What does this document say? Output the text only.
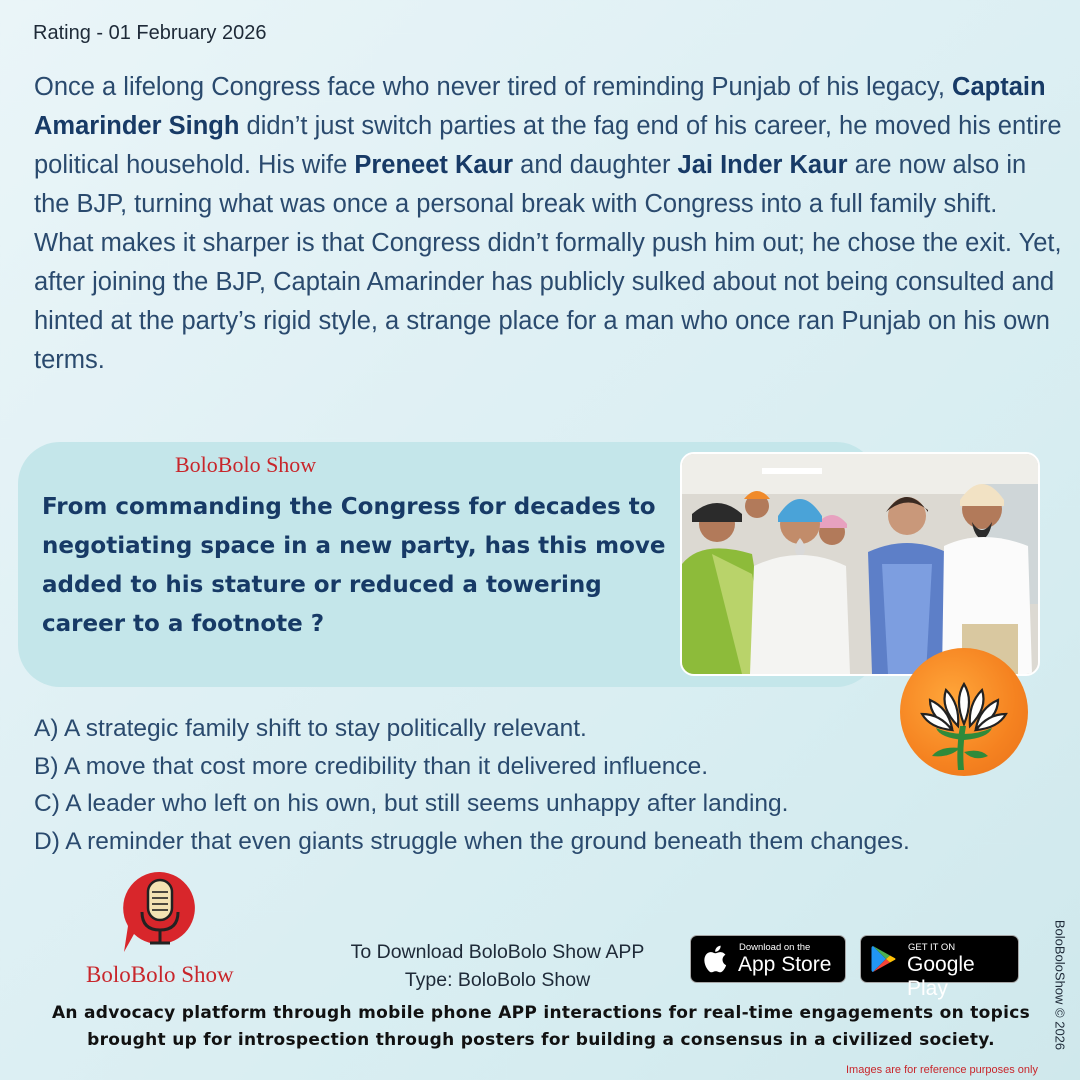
Rating - 01 February 2026

Once a lifelong Congress face who never tired of reminding Punjab of his legacy, Captain Amarinder Singh didn’t just switch parties at the fag end of his career, he moved his entire political household. His wife Preneet Kaur and daughter Jai Inder Kaur are now also in the BJP, turning what was once a personal break with Congress into a full family shift.

What makes it sharper is that Congress didn’t formally push him out; he chose the exit. Yet, after joining the BJP, Captain Amarinder has publicly sulked about not being consulted and hinted at the party’s rigid style, a strange place for a man who once ran Punjab on his own terms.

BoloBolo Show
From commanding the Congress for decades to negotiating space in a new party, has this move added to his stature or reduced a towering career to a footnote ?
A) A strategic family shift to stay politically relevant.
B) A move that cost more credibility than it delivered influence.
C) A leader who left on his own, but still seems unhappy after landing.
D) A reminder that even giants struggle when the ground beneath them changes.
BoloBolo Show
To Download BoloBolo Show APP
Type: BoloBolo Show
Download on the
App Store
GET IT ON
Google Play
An advocacy platform through mobile phone APP interactions for real-time engagements on topics brought up for introspection through posters for building a consensus in a civilized society.	BoloBoloShow © 2026
Images are for reference purposes only
